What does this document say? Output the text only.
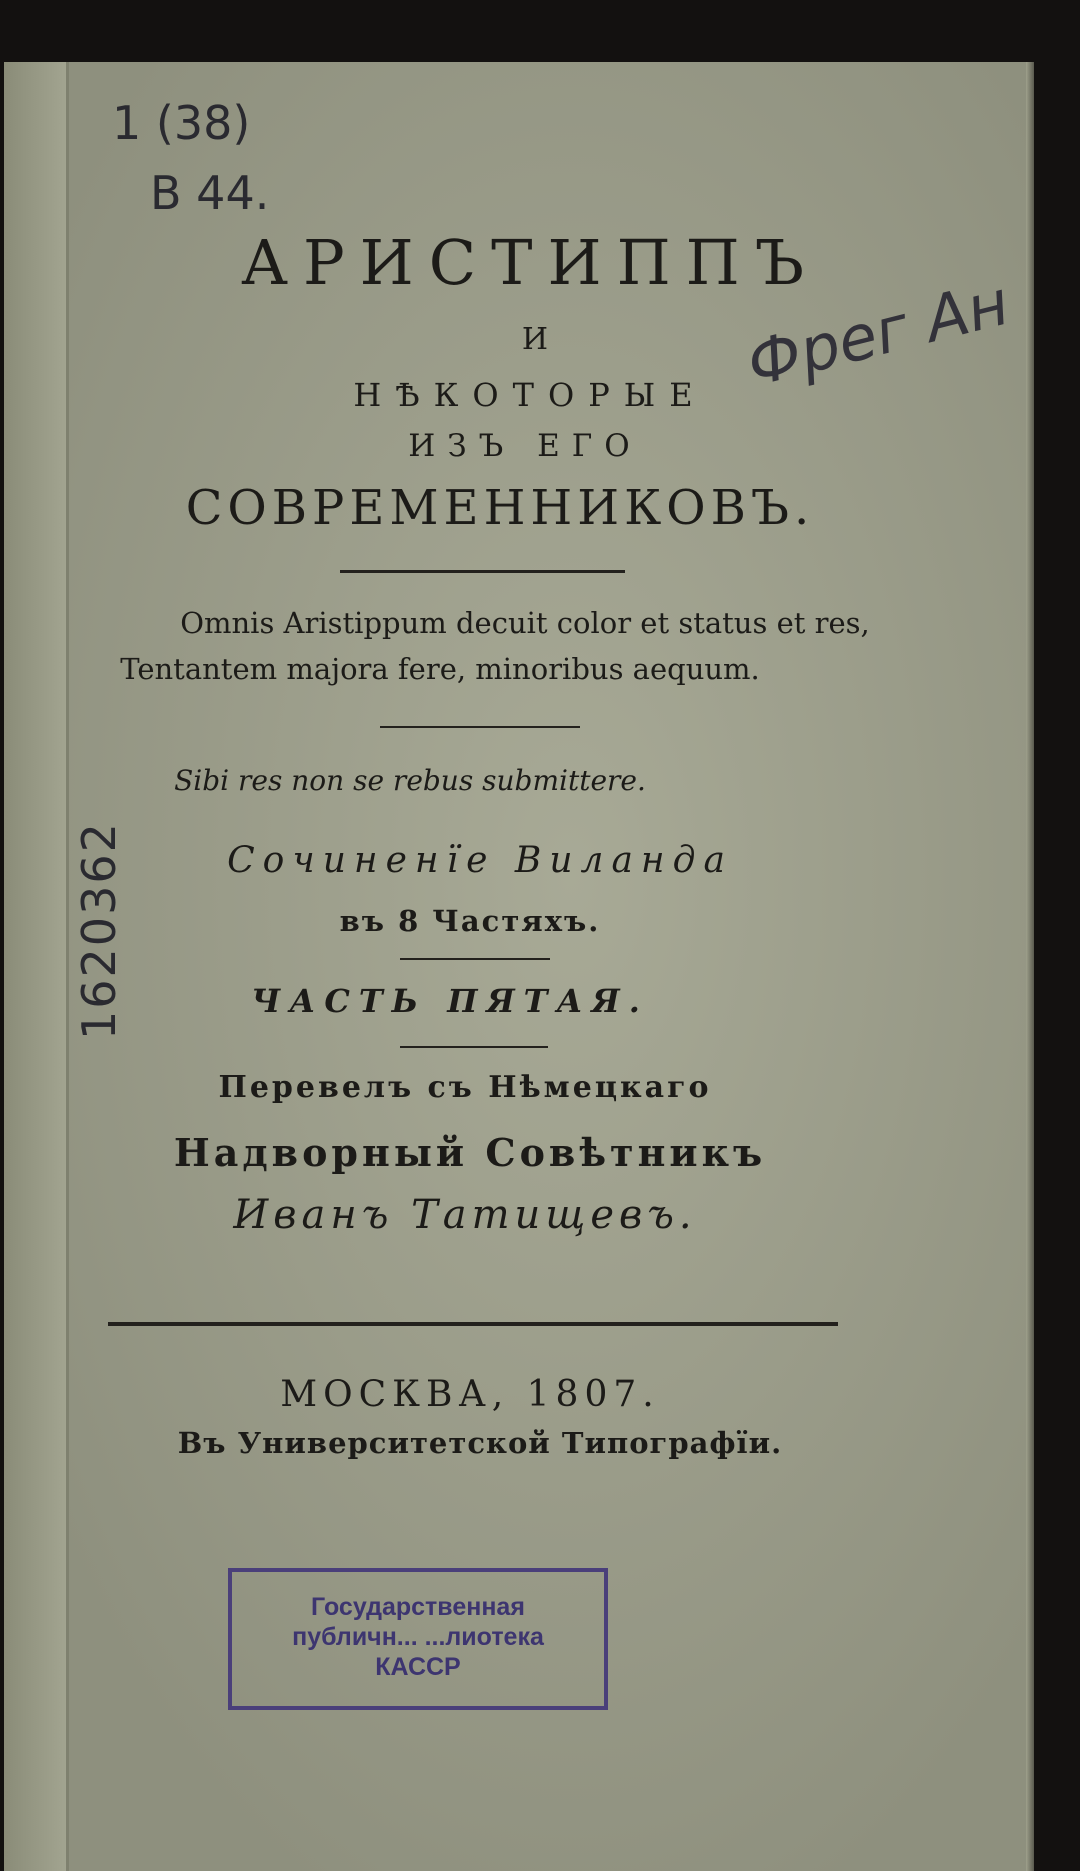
1 (38)
В 44.
1620362
Фрег Ан
АРИСТИППЪ
И
НѢКОТОРЫЕ
ИЗЪ ЕГО
СОВРЕМЕННИКОВЪ.
Omnis Aristippum decuit color et status et res,
Tentantem majora fere, minoribus aequum.
Sibi res non se rebus submittere.
Сочиненїе Виланда
въ 8 Частяхъ.
ЧАСТЬ ПЯТАЯ.
Перевелъ съ Нѣмецкаго
Надворный Совѣтникъ
Иванъ Татищевъ.
МОСКВА, 1807.
Въ Университетской Типографїи.
Государственная
публичн... ...лиотека
КАССР
